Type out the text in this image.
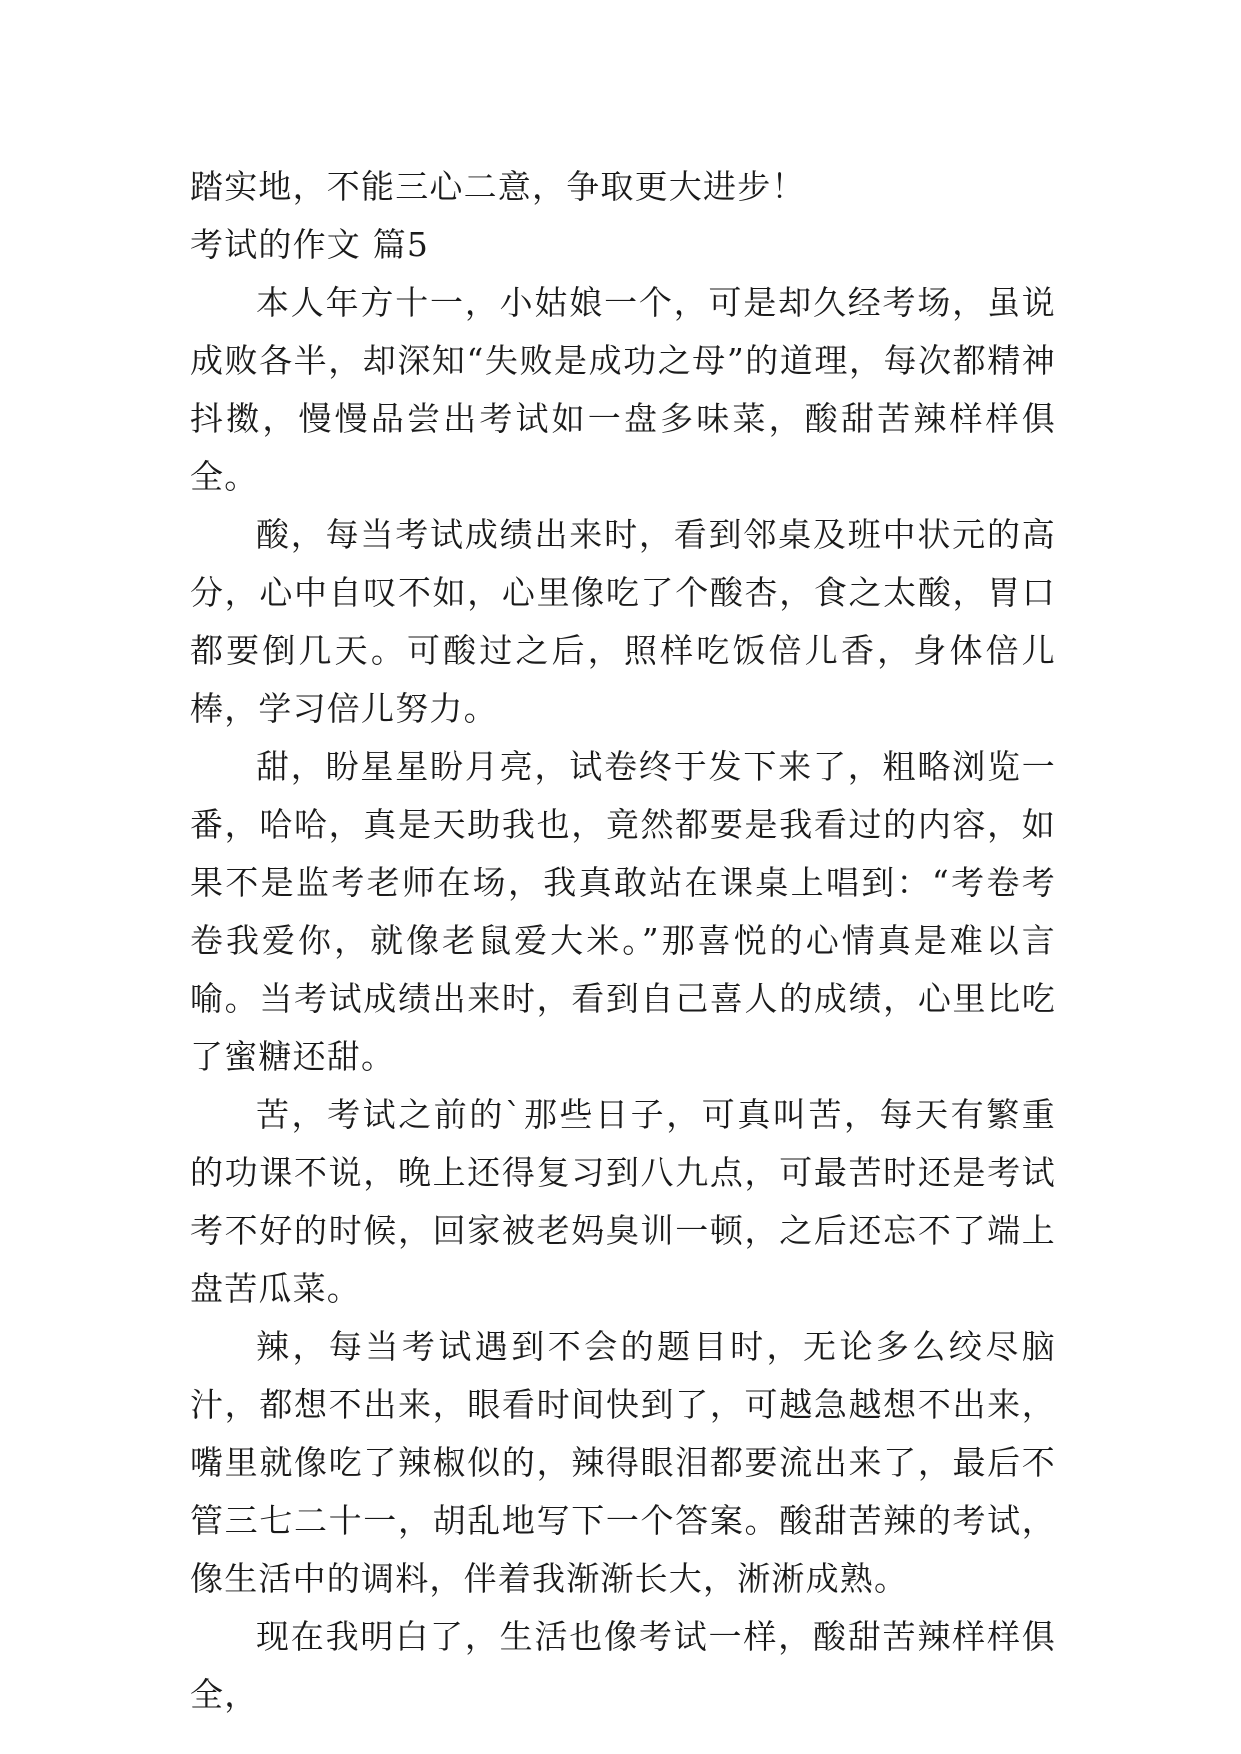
踏实地，不能三心二意，争取更大进步！

考试的作文 篇5

本人年方十一，小姑娘一个，可是却久经考场，虽说成败各半，却深知“失败是成功之母”的道理，每次都精神抖擞，慢慢品尝出考试如一盘多味菜，酸甜苦辣样样俱全。

酸，每当考试成绩出来时，看到邻桌及班中状元的高分，心中自叹不如，心里像吃了个酸杏，食之太酸，胃口都要倒几天。可酸过之后，照样吃饭倍儿香，身体倍儿棒，学习倍儿努力。

甜，盼星星盼月亮，试卷终于发下来了，粗略浏览一番，哈哈，真是天助我也，竟然都要是我看过的内容，如果不是监考老师在场，我真敢站在课桌上唱到：“考卷考卷我爱你，就像老鼠爱大米。”那喜悦的心情真是难以言喻。当考试成绩出来时，看到自己喜人的成绩，心里比吃了蜜糖还甜。

苦，考试之前的`那些日子，可真叫苦，每天有繁重的功课不说，晚上还得复习到八九点，可最苦时还是考试考不好的时候，回家被老妈臭训一顿，之后还忘不了端上盘苦瓜菜。

辣，每当考试遇到不会的题目时，无论多么绞尽脑汁，都想不出来，眼看时间快到了，可越急越想不出来，嘴里就像吃了辣椒似的，辣得眼泪都要流出来了，最后不管三七二十一，胡乱地写下一个答案。酸甜苦辣的考试，像生活中的调料，伴着我渐渐长大，淅淅成熟。

现在我明白了，生活也像考试一样，酸甜苦辣样样俱全，
